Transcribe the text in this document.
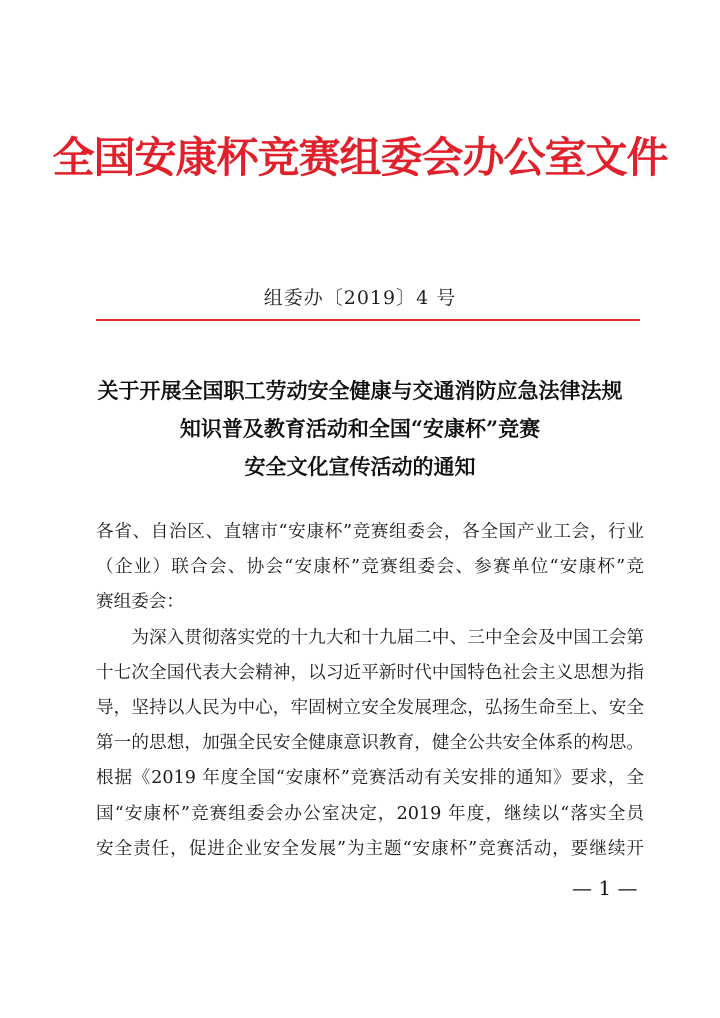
全国安康杯竞赛组委会办公室文件
组委办〔2019〕4 号
关于开展全国职工劳动安全健康与交通消防应急法律法规
知识普及教育活动和全国“安康杯”竞赛
安全文化宣传活动的通知
各省、自治区、直辖市“安康杯”竞赛组委会，各全国产业工会，行业
（企业）联合会、协会“安康杯”竞赛组委会、参赛单位“安康杯”竞
赛组委会：
　　为深入贯彻落实党的十九大和十九届二中、三中全会及中国工会第
十七次全国代表大会精神，以习近平新时代中国特色社会主义思想为指
导，坚持以人民为中心，牢固树立安全发展理念，弘扬生命至上、安全
第一的思想，加强全民安全健康意识教育，健全公共安全体系的构思。
根据《2019 年度全国“安康杯”竞赛活动有关安排的通知》要求，全
国“安康杯”竞赛组委会办公室决定，2019 年度，继续以“落实全员
安全责任，促进企业安全发展”为主题“安康杯”竞赛活动，要继续开
— 1 —
